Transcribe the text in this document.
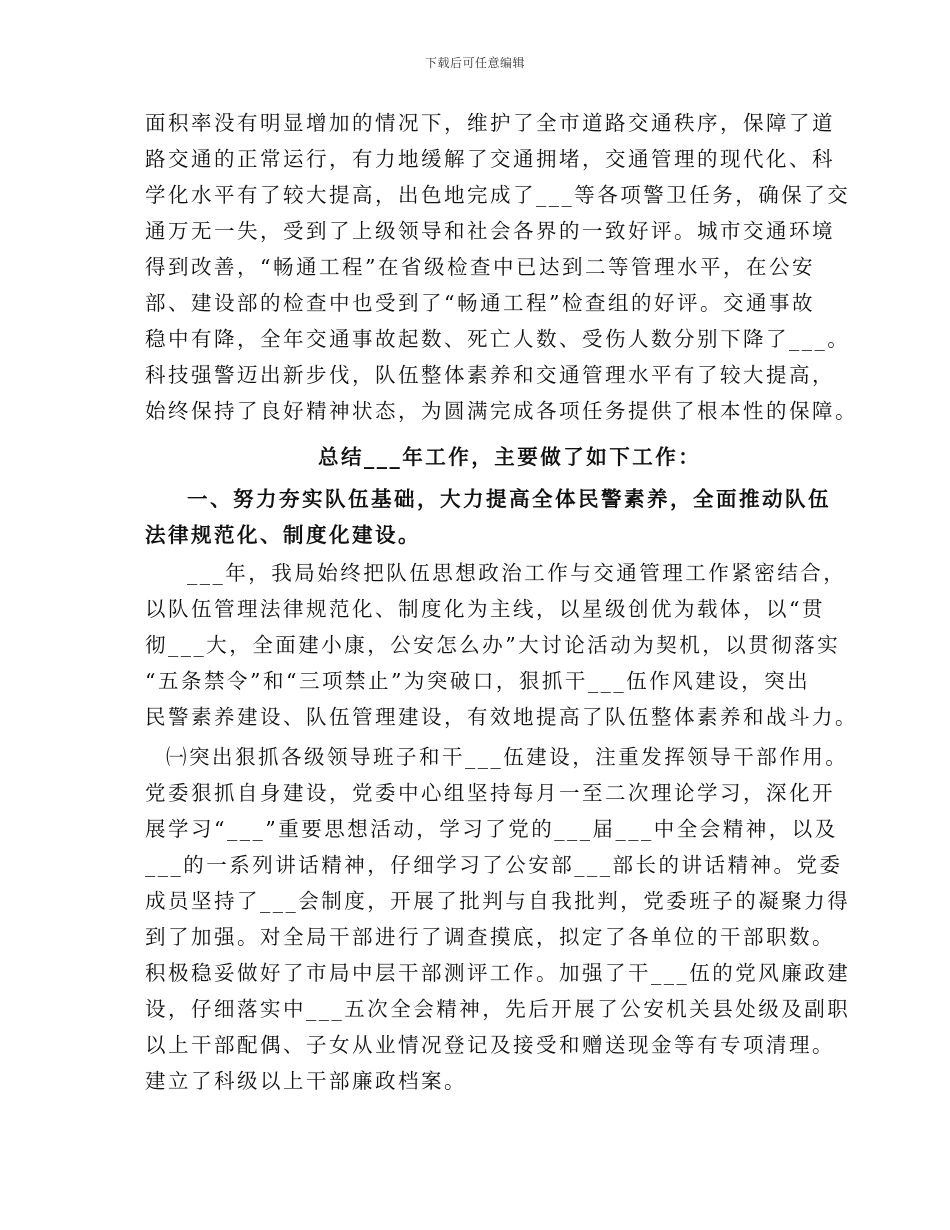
下载后可任意编辑
面积率没有明显增加的情况下，维护了全市道路交通秩序，保障了道
路交通的正常运行，有力地缓解了交通拥堵，交通管理的现代化、科
学化水平有了较大提高，出色地完成了___等各项警卫任务，确保了交
通万无一失，受到了上级领导和社会各界的一致好评。城市交通环境
得到改善，“畅通工程”在省级检查中已达到二等管理水平，在公安
部、建设部的检查中也受到了“畅通工程”检查组的好评。交通事故
稳中有降，全年交通事故起数、死亡人数、受伤人数分别下降了___。
科技强警迈出新步伐，队伍整体素养和交通管理水平有了较大提高，
始终保持了良好精神状态，为圆满完成各项任务提供了根本性的保障。
总结___年工作，主要做了如下工作：
一、努力夯实队伍基础，大力提高全体民警素养，全面推动队伍
法律规范化、制度化建设。
___年，我局始终把队伍思想政治工作与交通管理工作紧密结合，
以队伍管理法律规范化、制度化为主线，以星级创优为载体，以“贯
彻___大，全面建小康，公安怎么办”大讨论活动为契机，以贯彻落实
“五条禁令”和“三项禁止”为突破口，狠抓干___伍作风建设，突出
民警素养建设、队伍管理建设，有效地提高了队伍整体素养和战斗力。
㈠突出狠抓各级领导班子和干___伍建设，注重发挥领导干部作用。
党委狠抓自身建设，党委中心组坚持每月一至二次理论学习，深化开
展学习“___”重要思想活动，学习了党的___届___中全会精神，以及
___的一系列讲话精神，仔细学习了公安部___部长的讲话精神。党委
成员坚持了___会制度，开展了批判与自我批判，党委班子的凝聚力得
到了加强。对全局干部进行了调查摸底，拟定了各单位的干部职数。
积极稳妥做好了市局中层干部测评工作。加强了干___伍的党风廉政建
设，仔细落实中___五次全会精神，先后开展了公安机关县处级及副职
以上干部配偶、子女从业情况登记及接受和赠送现金等有专项清理。
建立了科级以上干部廉政档案。
